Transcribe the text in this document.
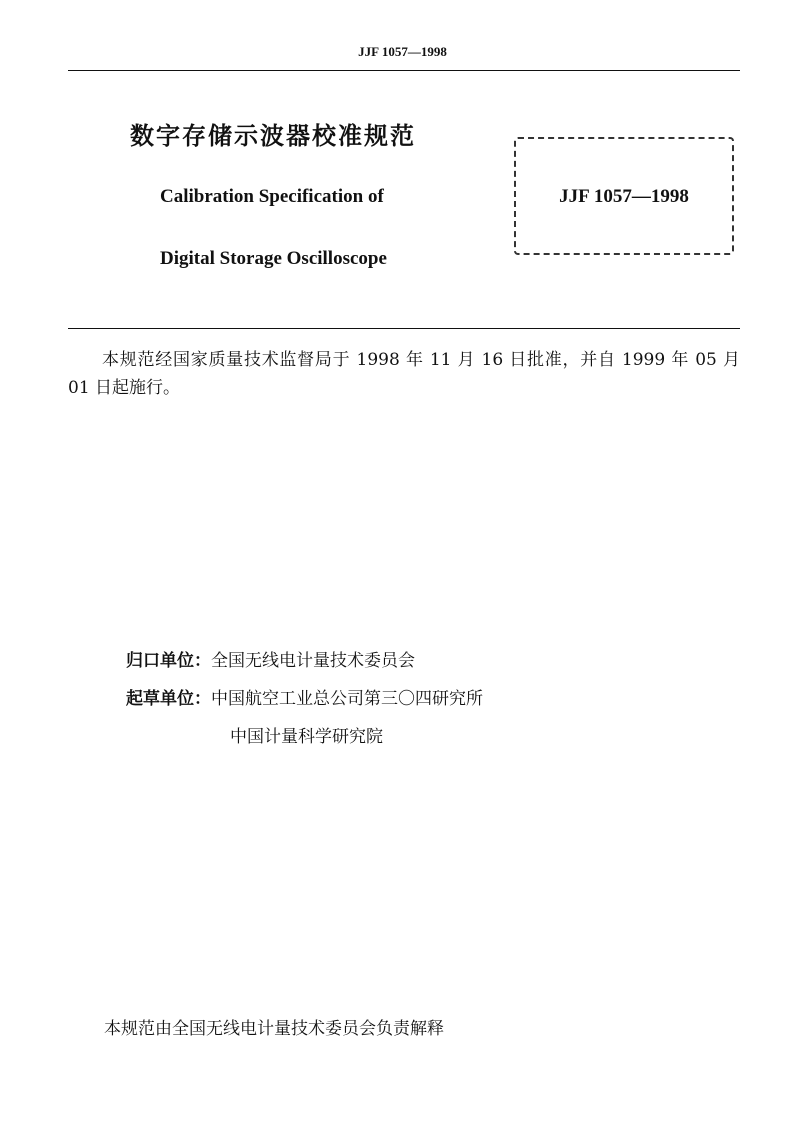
JJF 1057—1998
数字存储示波器校准规范
Calibration Specification of
Digital Storage Oscilloscope
JJF 1057—1998
本规范经国家质量技术监督局于 1998 年 11 月 16 日批准，并自 1999 年 05 月 01 日起施行。
归口单位：全国无线电计量技术委员会
起草单位：中国航空工业总公司第三〇四研究所
中国计量科学研究院
本规范由全国无线电计量技术委员会负责解释
